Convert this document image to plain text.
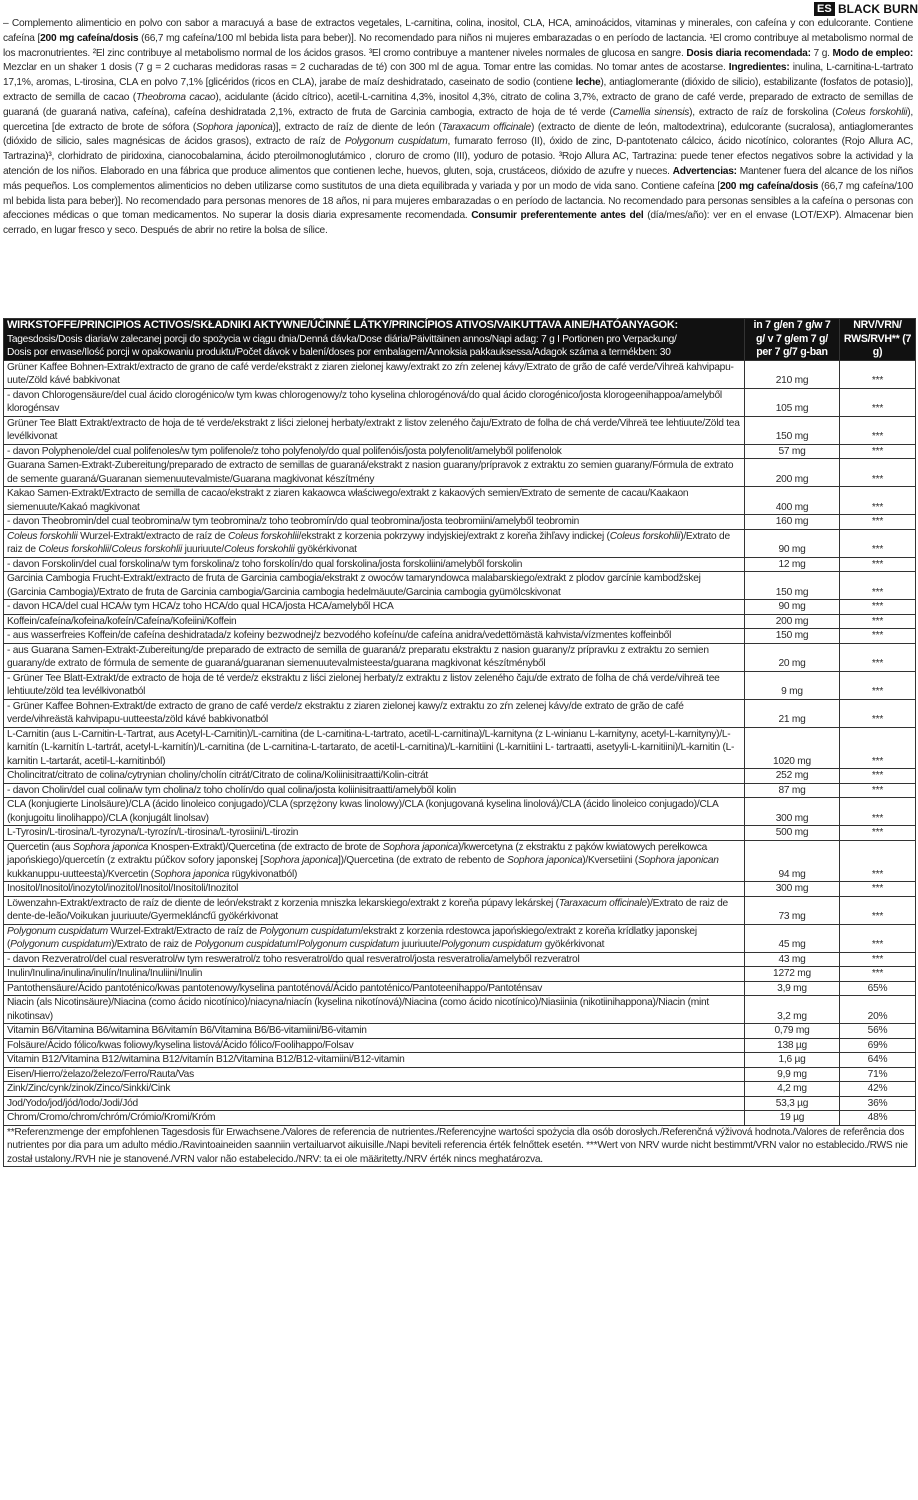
ES BLACK BURN
– Complemento alimenticio en polvo con sabor a maracuyá a base de extractos vegetales, L-carnitina, colina, inositol, CLA, HCA, aminoácidos, vitaminas y minerales, con cafeína y con edulcorante. Contiene cafeína [200 mg cafeína/dosis (66,7 mg cafeína/100 ml bebida lista para beber)]. No recomendado para niños ni mujeres embarazadas o en período de lactancia. ¹El cromo contribuye al metabolismo normal de los macronutrientes. ²El zinc contribuye al metabolismo normal de los ácidos grasos. ³El cromo contribuye a mantener niveles normales de glucosa en sangre. Dosis diaria recomendada: 7 g. Modo de empleo: Mezclar en un shaker 1 dosis (7 g = 2 cucharas medidoras rasas = 2 cucharadas de té) con 300 ml de agua. Tomar entre las comidas. No tomar antes de acostarse. Ingredientes: inulina, L-carnitina-L-tartrato 17,1%, aromas, L-tirosina, CLA en polvo 7,1% [glicéridos (ricos en CLA), jarabe de maíz deshidratado, caseinato de sodio (contiene leche), antiaglomerante (dióxido de silicio), estabilizante (fosfatos de potasio)], extracto de semilla de cacao (Theobroma cacao), acidulante (ácido cítrico), acetil-L-carnitina 4,3%, inositol 4,3%, citrato de colina 3,7%, extracto de grano de café verde, preparado de extracto de semillas de guaraná (de guaraná nativa, cafeína), cafeína deshidratada 2,1%, extracto de fruta de Garcinia cambogia, extracto de hoja de té verde (Camellia sinensis), extracto de raíz de forskolina (Coleus forskohlii), quercetina [de extracto de brote de sófora (Sophora japonica)], extracto de raíz de diente de león (Taraxacum officinale) (extracto de diente de león, maltodextrina), edulcorante (sucralosa), antiaglomerantes (dióxido de silicio, sales magnésicas de ácidos grasos), extracto de raíz de Polygonum cuspidatum, fumarato ferroso (II), óxido de zinc, D-pantotenato cálcico, ácido nicotínico, colorantes (Rojo Allura AC, Tartrazina)³, clorhidrato de piridoxina, cianocobalamina, ácido pteroilmonoglutámico , cloruro de cromo (III), yoduro de potasio. ³Rojo Allura AC, Tartrazina: puede tener efectos negativos sobre la actividad y la atención de los niños. Elaborado en una fábrica que produce alimentos que contienen leche, huevos, gluten, soja, crustáceos, dióxido de azufre y nueces. Advertencias: Mantener fuera del alcance de los niños más pequeños. Los complementos alimenticios no deben utilizarse como sustitutos de una dieta equilibrada y variada y por un modo de vida sano. Contiene cafeína [200 mg cafeína/dosis (66,7 mg cafeína/100 ml bebida lista para beber)]. No recomendado para personas menores de 18 años, ni para mujeres embarazadas o en período de lactancia. No recomendado para personas sensibles a la cafeína o personas con afecciones médicas o que toman medicamentos. No superar la dosis diaria expresamente recomendada. Consumir preferentemente antes del (día/mes/año): ver en el envase (LOT/EXP). Almacenar bien cerrado, en lugar fresco y seco. Después de abrir no retire la bolsa de sílice.
WIRKSTOFFE/PRINCIPIOS ACTIVOS/SKŁADNIKI AKTYWNE/ÚČINNÉ LÁTKY/PRINCÍPIOS ATIVOS/VAIKUTTAVA AINE/HATÓANYAGOK:
Tagesdosis/Dosis diaria/w zalecanej porcji do spożycia w ciągu dnia/Denná dávka/Dose diária/Päivittäinen annos/Napi adag: 7 g I Portionen pro Verpackung/
Dosis por envase/Ilość porcji w opakowaniu produktu/Počet dávok v balení/doses por embalagem/Annoksia pakkauksessa/Adagok száma a termékben: 30	in 7 g/en 7 g/w 7 g/ v 7 g/em 7 g/ per 7 g/7 g-ban	NRV/VRN/ RWS/RVH** (7 g)
Grüner Kaffee Bohnen-Extrakt/extracto de grano de café verde/ekstrakt z ziaren zielonej kawy/extrakt zo zŕn zelenej kávy/Extrato de grão de café verde/Vihreä kahvipapu-uute/Zöld kávé babkivonat	210 mg	***
- davon Chlorogensäure/del cual ácido clorogénico/w tym kwas chlorogenowy/z toho kyselina chlorogénová/do qual ácido clorogénico/josta klorogeenihappoa/amelyből klorogénsav	105 mg	***
Grüner Tee Blatt Extrakt/extracto de hoja de té verde/ekstrakt z liści zielonej herbaty/extrakt z listov zeleného čaju/Extrato de folha de chá verde/Vihreä tee lehtiuute/Zöld tea levélkivonat	150 mg	***
- davon Polyphenole/del cual polifenoles/w tym polifenole/z toho polyfenoly/do qual polifenóis/josta polyfenolit/amelyből polifenolok	57 mg	***
Guarana Samen-Extrakt-Zubereitung/preparado de extracto de semillas de guaraná/ekstrakt z nasion guarany/prípravok z extraktu zo semien guarany/Fórmula de extrato de semente guaraná/Guaranan siemenuutevalmiste/Guarana magkivonat készítmény	200 mg	***
Kakao Samen-Extrakt/Extracto de semilla de cacao/ekstrakt z ziaren kakaowca właściwego/extrakt z kakaových semien/Extrato de semente de cacau/Kaakaon siemenuute/Kakaó magkivonat	400 mg	***
- davon Theobromin/del cual teobromina/w tym teobromina/z toho teobromín/do qual teobromina/josta teobromiini/amelyből teobromin	160 mg	***
Coleus forskohlii Wurzel-Extrakt/extracto de raíz de Coleus forskohlii/ekstrakt z korzenia pokrzywy indyjskiej/extrakt z koreňa žihľavy indickej (Coleus forskohlii)/Extrato de raiz de Coleus forskohlii/Coleus forskohlii juuriuute/Coleus forskohlii gyökérkivonat	90 mg	***
- davon Forskolin/del cual forskolina/w tym forskolina/z toho forskolín/do qual forskolina/josta forskoliini/amelyből forskolin	12 mg	***
Garcinia Cambogia Frucht-Extrakt/extracto de fruta de Garcinia cambogia/ekstrakt z owoców tamaryndowca malabarskiego/extrakt z plodov garcínie kambodžskej (Garcinia Cambogia)/Extrato de fruta de Garcinia cambogia/Garcinia cambogia hedelmäuute/Garcinia cambogia gyümölcskivonat	150 mg	***
- davon HCA/del cual HCA/w tym HCA/z toho HCA/do qual HCA/josta HCA/amelyből HCA	90 mg	***
Koffein/cafeína/kofeina/kofeín/Cafeína/Kofeiini/Koffein	200 mg	***
- aus wasserfreies Koffein/de cafeína deshidratada/z kofeiny bezwodnej/z bezvodého kofeínu/de cafeína anidra/vedettömästä kahvista/vízmentes koffeinből	150 mg	***
- aus Guarana Samen-Extrakt-Zubereitung/de preparado de extracto de semilla de guaraná/z preparatu ekstraktu z nasion guarany/z prípravku z extraktu zo semien guarany/de extrato de fórmula de semente de guaraná/guaranan siemenuutevalmisteesta/guarana magkivonat készítményből	20 mg	***
- Grüner Tee Blatt-Extrakt/de extracto de hoja de té verde/z ekstraktu z liści zielonej herbaty/z extraktu z listov zeleného čaju/de extrato de folha de chá verde/vihreä tee lehtiuute/zöld tea levélkivonatból	9 mg	***
- Grüner Kaffee Bohnen-Extrakt/de extracto de grano de café verde/z ekstraktu z ziaren zielonej kawy/z extraktu zo zŕn zelenej kávy/de extrato de grão de café verde/vihreästä kahvipapu-uutteesta/zöld kávé babkivonatból	21 mg	***
L-Carnitin (aus L-Carnitin-L-Tartrat, aus Acetyl-L-Carnitin)/L-carnitina (de L-carnitina-L-tartrato, acetil-L-carnitina)/L-karnityna (z L-winianu L-karnityny, acetyl-L-karnityny)/L-karnitín (L-karnitín L-tartrát, acetyl-L-karnitín)/L-carnitina (de L-carnitina-L-tartarato, de acetil-L-carnitina)/L-karnitiini (L-karnitiini L- tartraatti, asetyyli-L-karnitiini)/L-karnitin (L-karnitin L-tartarát, acetil-L-karnitinból)	1020 mg	***
Cholincitrat/citrato de colina/cytrynian choliny/cholín citrát/Citrato de colina/Koliinisitraatti/Kolin-citrát	252 mg	***
- davon Cholin/del cual colina/w tym cholina/z toho cholín/do qual colina/josta koliinisitraatti/amelyből kolin	87 mg	***
CLA (konjugierte Linolsäure)/CLA (ácido linoleico conjugado)/CLA (sprzężony kwas linolowy)/CLA (konjugovaná kyselina linolová)/CLA (ácido linoleico conjugado)/CLA (konjugoitu linolihappo)/CLA (konjugált linolsav)	300 mg	***
L-Tyrosin/L-tirosina/L-tyrozyna/L-tyrozín/L-tirosina/L-tyrosiini/L-tirozin	500 mg	***
Quercetin (aus Sophora japonica Knospen-Extrakt)/Quercetina (de extracto de brote de Sophora japonica)/kwercetyna (z ekstraktu z pąków kwiatowych perełkowca japońskiego)/quercetín (z extraktu púčkov sofory japonskej [Sophora japonica])/Quercetina (de extrato de rebento de Sophora japonica)/Kversetiini (Sophora japonican kukkanuppu-uutteesta)/Kvercetin (Sophora japonica rügykivonatból)	94 mg	***
Inositol/Inositol/inozytol/inozitol/Inositol/Inositoli/Inozitol	300 mg	***
Löwenzahn-Extrakt/extracto de raíz de diente de león/ekstrakt z korzenia mniszka lekarskiego/extrakt z koreňa púpavy lekárskej (Taraxacum officinale)/Extrato de raiz de dente-de-leão/Voikukan juuriuute/Gyermekláncfű gyökérkivonat	73 mg	***
Polygonum cuspidatum Wurzel-Extrakt/Extracto de raíz de Polygonum cuspidatum/ekstrakt z korzenia rdestowca japońskiego/extrakt z koreňa krídlatky japonskej (Polygonum cuspidatum)/Extrato de raiz de Polygonum cuspidatum/Polygonum cuspidatum juuriuute/Polygonum cuspidatum gyökérkivonat	45 mg	***
- davon Rezveratrol/del cual resveratrol/w tym resweratrol/z toho resveratrol/do qual resveratrol/josta resveratrolia/amelyből rezveratrol	43 mg	***
Inulin/Inulina/inulina/inulín/Inulina/Inuliini/Inulin	1272 mg	***
Pantothensäure/Ácido pantoténico/kwas pantotenowy/kyselina pantoténová/Ácido pantoténico/Pantoteenihappo/Pantoténsav	3,9 mg	65%
Niacin (als Nicotinsäure)/Niacina (como ácido nicotínico)/niacyna/niacín (kyselina nikotínová)/Niacina (como ácido nicotínico)/Niasiinia (nikotiinihappona)/Niacin (mint nikotinsav)	3,2 mg	20%
Vitamin B6/Vitamina B6/witamina B6/vitamín B6/Vitamina B6/B6-vitamiini/B6-vitamin	0,79 mg	56%
Folsäure/Ácido fólico/kwas foliowy/kyselina listová/Ácido fólico/Foolihappo/Folsav	138 µg	69%
Vitamin B12/Vitamina B12/witamina B12/vitamín B12/Vitamina B12/B12-vitamiini/B12-vitamin	1,6 µg	64%
Eisen/Hierro/żelazo/železo/Ferro/Rauta/Vas	9,9 mg	71%
Zink/Zinc/cynk/zinok/Zinco/Sinkki/Cink	4,2 mg	42%
Jod/Yodo/jod/jód/Iodo/Jodi/Jód	53,3 µg	36%
Chrom/Cromo/chrom/chróm/Crómio/Kromi/Króm	19 µg	48%
**Referenzmenge der empfohlenen Tagesdosis für Erwachsene./Valores de referencia de nutrientes./Referencyjne wartości spożycia dla osób dorosłych./Referenčná výživová hodnota./Valores de referência dos nutrientes por dia para um adulto médio./Ravintoaineiden saanniin vertailuarvot aikuisille./Napi beviteli referencia érték felnőttek esetén. ***Wert von NRV wurde nicht bestimmt/VRN valor no establecido./RWS nie został ustalony./RVH nie je stanovené./VRN valor não estabelecido./NRV: ta ei ole määritetty./NRV érték nincs meghatározva.		
